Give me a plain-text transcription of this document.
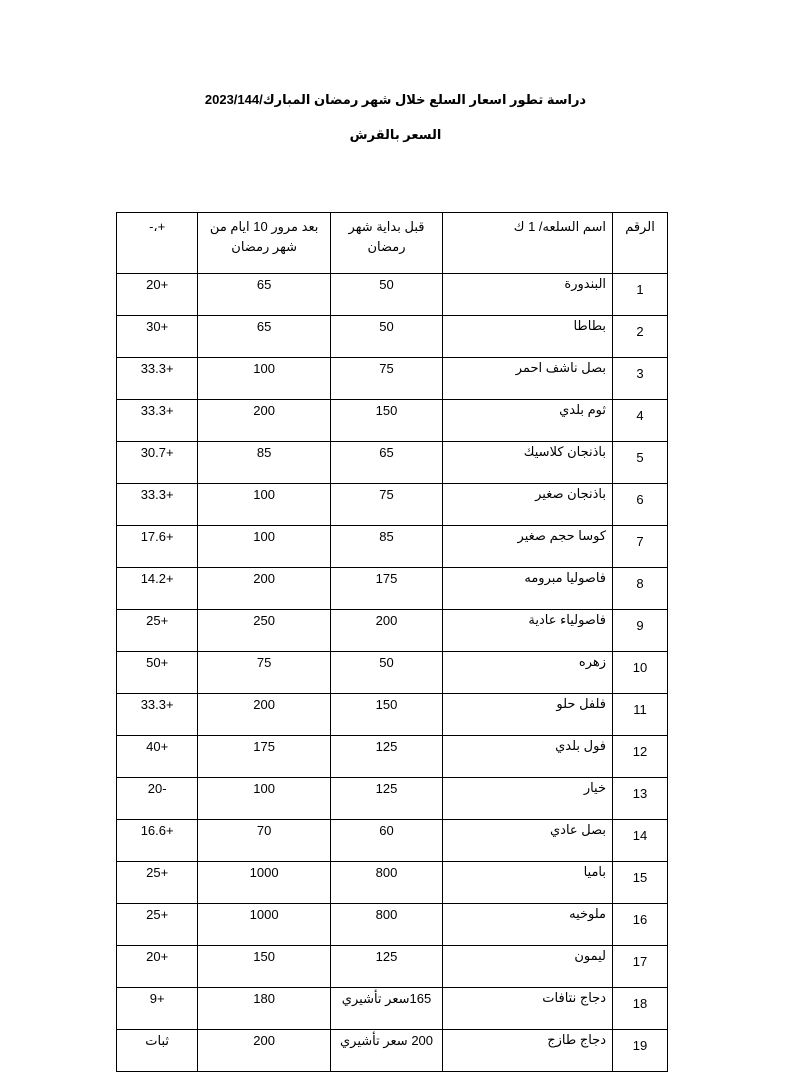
دراسة تطور اسعار السلع خلال شهر رمضان المبارك/2023/144
السعر بالقرش
الرقم	اسم السلعه/ 1 ك	قبل بداية شهر رمضان	بعد مرور 10 ايام من شهر رمضان	+،-
1	البندورة	50	65	+20
2	بطاطا	50	65	+30
3	بصل ناشف احمر	75	100	+33.3
4	ثوم بلدي	150	200	+33.3
5	باذنجان كلاسيك	65	85	+30.7
6	باذنجان صغير	75	100	+33.3
7	كوسا حجم صغير	85	100	+17.6
8	فاصوليا مبرومه	175	200	+14.2
9	فاصولياء عادية	200	250	+25
10	زهره	50	75	+50
11	فلفل حلو	150	200	+33.3
12	فول بلدي	125	175	+40
13	خيار	125	100	-20
14	بصل عادي	60	70	+16.6
15	باميا	800	1000	+25
16	ملوخيه	800	1000	+25
17	ليمون	125	150	+20
18	دجاج نتافات	165سعر تأشيري	180	+9
19	دجاج طازج	200 سعر تأشيري	200	ثبات
